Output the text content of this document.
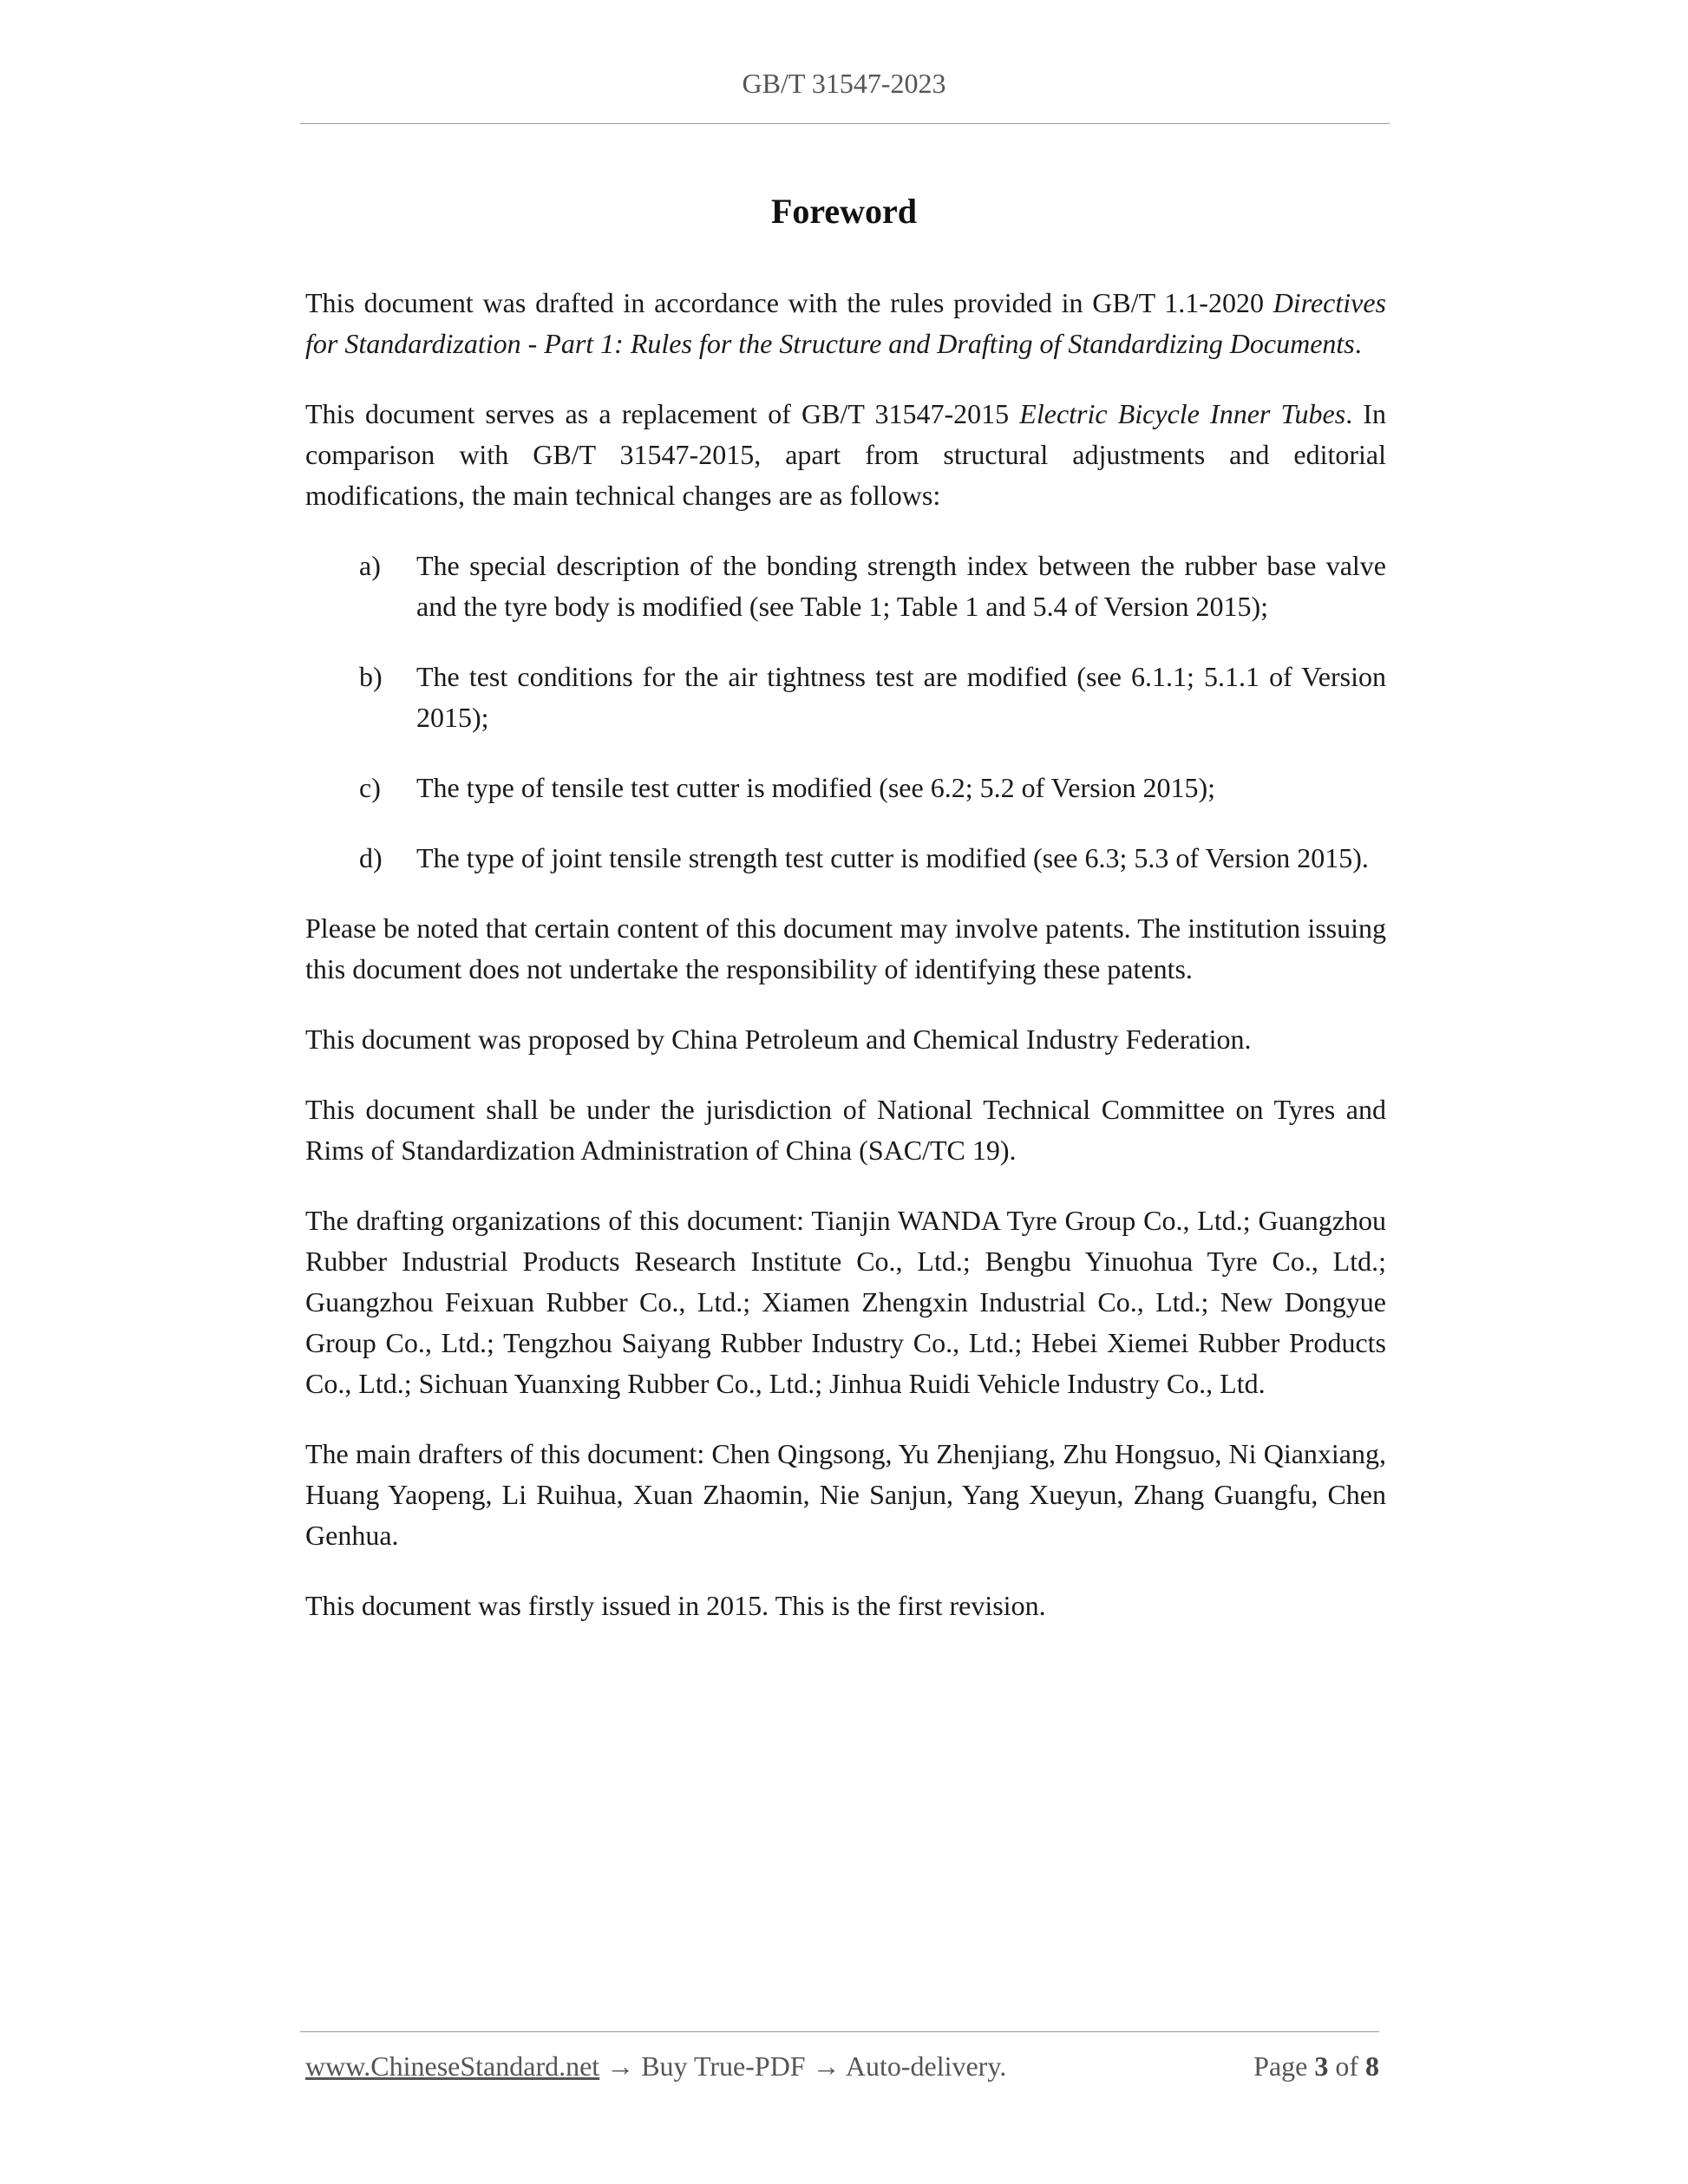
GB/T 31547-2023
Foreword

This document was drafted in accordance with the rules provided in GB/T 1.1-2020 Directives for Standardization - Part 1: Rules for the Structure and Drafting of Standardizing Documents.

This document serves as a replacement of GB/T 31547-2015 Electric Bicycle Inner Tubes. In comparison with GB/T 31547-2015, apart from structural adjustments and editorial modifications, the main technical changes are as follows:

a) The special description of the bonding strength index between the rubber base valve and the tyre body is modified (see Table 1; Table 1 and 5.4 of Version 2015);
b) The test conditions for the air tightness test are modified (see 6.1.1; 5.1.1 of Version 2015);
c) The type of tensile test cutter is modified (see 6.2; 5.2 of Version 2015);
d) The type of joint tensile strength test cutter is modified (see 6.3; 5.3 of Version 2015).

Please be noted that certain content of this document may involve patents. The institution issuing this document does not undertake the responsibility of identifying these patents.

This document was proposed by China Petroleum and Chemical Industry Federation.

This document shall be under the jurisdiction of National Technical Committee on Tyres and Rims of Standardization Administration of China (SAC/TC 19).

The drafting organizations of this document: Tianjin WANDA Tyre Group Co., Ltd.; Guangzhou Rubber Industrial Products Research Institute Co., Ltd.; Bengbu Yinuohua Tyre Co., Ltd.; Guangzhou Feixuan Rubber Co., Ltd.; Xiamen Zhengxin Industrial Co., Ltd.; New Dongyue Group Co., Ltd.; Tengzhou Saiyang Rubber Industry Co., Ltd.; Hebei Xiemei Rubber Products Co., Ltd.; Sichuan Yuanxing Rubber Co., Ltd.; Jinhua Ruidi Vehicle Industry Co., Ltd.

The main drafters of this document: Chen Qingsong, Yu Zhenjiang, Zhu Hongsuo, Ni Qianxiang, Huang Yaopeng, Li Ruihua, Xuan Zhaomin, Nie Sanjun, Yang Xueyun, Zhang Guangfu, Chen Genhua.

This document was firstly issued in 2015. This is the first revision.

www.ChineseStandard.net → Buy True-PDF → Auto-delivery.	Page 3 of 8
